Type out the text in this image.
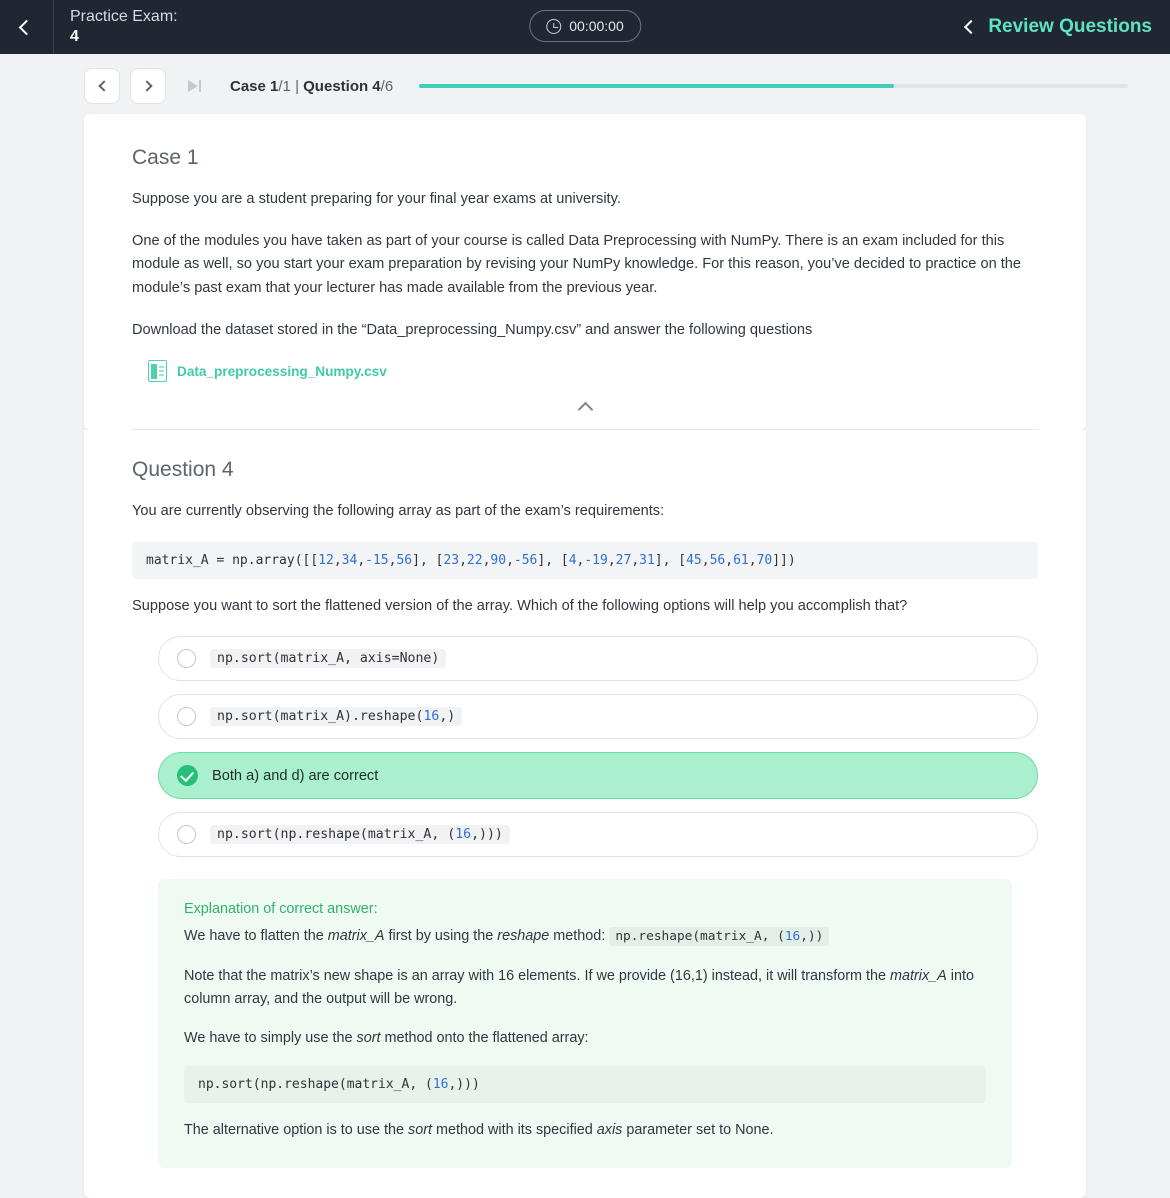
Practice Exam:
4
00:00:00	Review Questions
Case 1/1 | Question 4/6
Case 1

Suppose you are a student preparing for your final year exams at university.

One of the modules you have taken as part of your course is called Data Preprocessing with NumPy. There is an exam included for this module as well, so you start your exam preparation by revising your NumPy knowledge. For this reason, you’ve decided to practice on the module’s past exam that your lecturer has made available from the previous year.

Download the dataset stored in the “Data_preprocessing_Numpy.csv” and answer the following questions

Data_preprocessing_Numpy.csv
Question 4

You are currently observing the following array as part of the exam’s requirements:

matrix_A = np.array([[12,34,-15,56], [23,22,90,-56], [4,-19,27,31], [45,56,61,70]])

Suppose you want to sort the flattened version of the array. Which of the following options will help you accomplish that?

np.sort(matrix_A, axis=None)
np.sort(matrix_A).reshape(16,)
Both a) and d) are correct
np.sort(np.reshape(matrix_A, (16,)))
Explanation of correct answer:

We have to flatten the matrix_A first by using the reshape method: np.reshape(matrix_A, (16,))

Note that the matrix’s new shape is an array with 16 elements. If we provide (16,1) instead, it will transform the matrix_A into column array, and the output will be wrong.

We have to simply use the sort method onto the flattened array:

np.sort(np.reshape(matrix_A, (16,)))

The alternative option is to use the sort method with its specified axis parameter set to None.
